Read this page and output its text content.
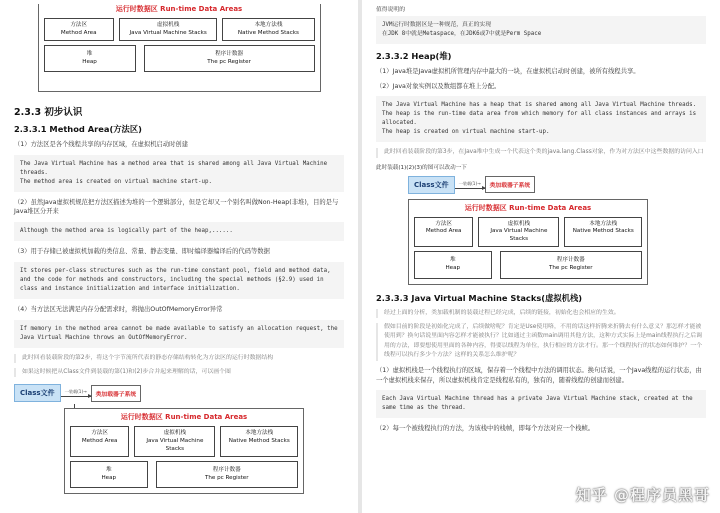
运行时数据区 Run-time Data Areas
方法区
Method Area
虚拟机栈
Java Virtual Machine Stacks
本地方法栈
Native Method Stacks
堆
Heap
程序计数器
The pc Register
2.3.3 初步认识
2.3.3.1 Method Area(方法区)

（1）方法区是各个线程共享的内存区域，在虚拟机启动时创建

The Java Virtual Machine has a method area that is shared among all Java Virtual Machine threads.
The method area is created on virtual machine start-up.

（2）虽然Java虚拟机规范把方法区描述为堆的一个逻辑部分，但是它却又一个别名叫做Non-Heap(非堆)，目的是与Java堆区分开来

Although the method area is logically part of the heap,......

（3）用于存储已被虚拟机加载的类信息、常量、静态变量、即时编译器编译后的代码等数据

It stores per-class structures such as the run-time constant pool, field and method data, and the code for methods and constructors, including the special methods (§2.9) used in class and instance initialization and interface initialization.

（4）当方法区无法满足内存分配需求时，将抛出OutOfMemoryError异常

If memory in the method area cannot be made available to satisfy an allocation request, the Java Virtual Machine throws an OutOfMemoryError.

此时回看装载阶段的第2步，将这个字节流所代表的静态存储结构转化为方法区的运行时数据结构

如果这时候把从Class文件到装载的第(1)和(2)步合并起来理解的话，可以画个图

Class文件	一装载(1)→	类加载器子系统
运行时数据区 Run-time Data Areas
方法区
Method Area
虚拟机栈
Java Virtual Machine Stacks
本地方法栈
Native Method Stacks
堆
Heap
程序计数器
The pc Register

值得说明的

JVM运行时数据区是一种规范，真正的实现
在JDK 8中就是Metaspace，在JDK6或7中就是Perm Space
2.3.3.2 Heap(堆)

（1）Java堆是Java虚拟机所管理内存中最大的一块，在虚拟机启动时创建，被所有线程共享。

（2）Java对象实例以及数组都在堆上分配。

The Java Virtual Machine has a heap that is shared among all Java Virtual Machine threads. The heap is the run-time data area from which memory for all class instances and arrays is allocated.
The heap is created on virtual machine start-up.

此时回看装载阶段的第3步，在Java堆中生成一个代表这个类的java.lang.Class对象，作为对方法区中这些数据的访问入口

此时装载(1)(2)(3)的图可以改动一下

Class文件	一装载(1)→	类加载器子系统
运行时数据区 Run-time Data Areas
方法区
Method Area
虚拟机栈
Java Virtual Machine Stacks
本地方法栈
Native Method Stacks
堆
Heap
程序计数器
The pc Register
2.3.3.3 Java Virtual Machine Stacks(虚拟机栈)

经过上面的分析，类加载机制的装载过程已经完成，后续的链接，初始化也会相应的生效。

假如目前的阶段是初始化完成了，后续做啥呢？肯定是Use使用咯，不用的话这样折腾来折腾去有什么意义？那怎样才能被使用到？换句话说里面内容怎样才能被执行？比如通过主函数main调用其他方法，这种方式实际上是main线程执行之后调用的方法，即要想使用里面的各种内容，得要以线程为单位，执行相应的方法才行。那一个线程执行的状态如何维护？一个线程可以执行多少个方法？这样的关系怎么维护呢？

（1）虚拟机栈是一个线程执行的区域，保存着一个线程中方法的调用状态。换句话说，一个Java线程的运行状态，由一个虚拟机栈来保存，所以虚拟机栈肯定是线程私有的，独有的，随着线程的创建而创建。

Each Java Virtual Machine thread has a private Java Virtual Machine stack, created at the same time as the thread.

（2）每一个被线程执行的方法，为该栈中的栈帧，即每个方法对应一个栈帧。

知乎 @程序员黑哥
